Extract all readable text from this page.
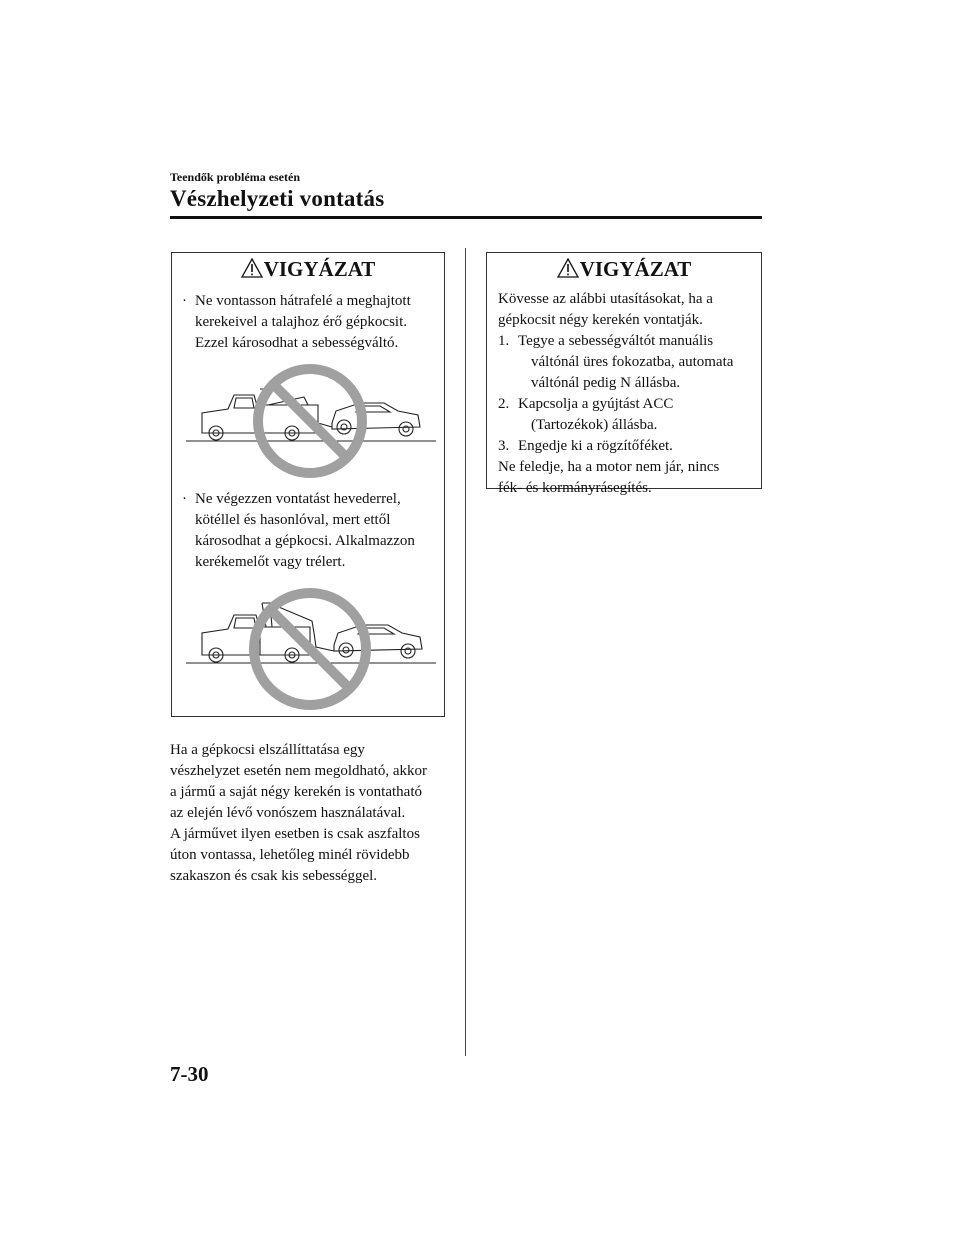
Teendők probléma esetén
Vészhelyzeti vontatás
VIGYÁZAT
· Ne vontasson hátrafelé a meghajtott
kerekeivel a talajhoz érő gépkocsit.
Ezzel károsodhat a sebességváltó.
· Ne végezzen vontatást hevederrel,
kötéllel és hasonlóval, mert ettől
károsodhat a gépkocsi. Alkalmazzon
kerékemelőt vagy trélert.
VIGYÁZAT

Kövesse az alábbi utasításokat, ha a

gépkocsit négy kerekén vontatják.

1. Tegye a sebességváltót manuális
váltónál üres fokozatba, automata
váltónál pedig N állásba.
2. Kapcsolja a gyújtást ACC
(Tartozékok) állásba.
3. Engedje ki a rögzítőféket.

Ne feledje, ha a motor nem jár, nincs

fék- és kormányrásegítés.

Ha a gépkocsi elszállíttatása egy

vészhelyzet esetén nem megoldható, akkor

a jármű a saját négy kerekén is vontatható

az elején lévő vonószem használatával.

A járművet ilyen esetben is csak aszfaltos

úton vontassa, lehetőleg minél rövidebb

szakaszon és csak kis sebességgel.

7-30
